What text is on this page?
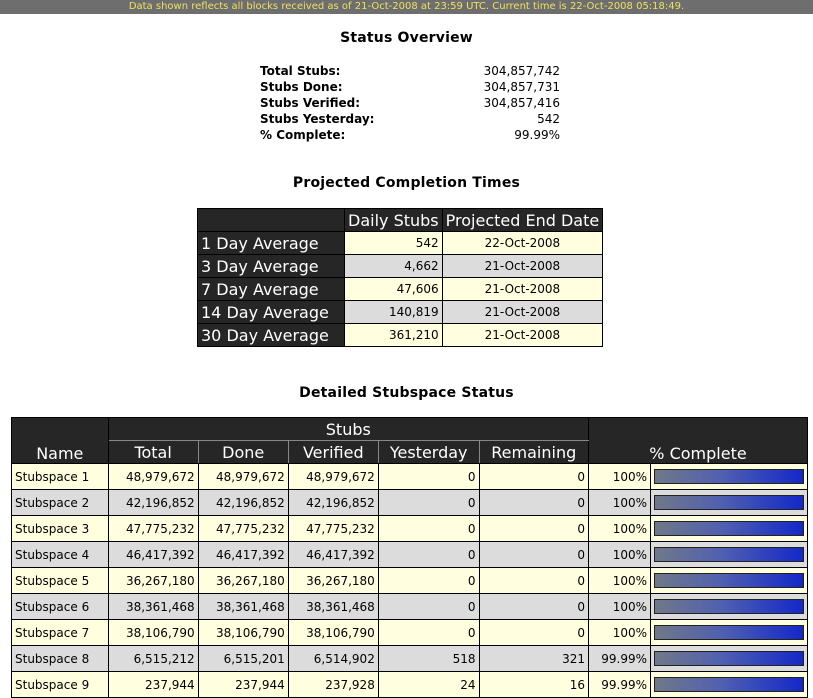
Data shown reflects all blocks received as of 21-Oct-2008 at 23:59 UTC. Current time is 22-Oct-2008 05:18:49.
Status Overview
Total Stubs:	304,857,742
Stubs Done:	304,857,731
Stubs Verified:	304,857,416
Stubs Yesterday:	542
% Complete:	99.99%
Projected Completion Times
	Daily Stubs	Projected End Date
1 Day Average	542	22-Oct-2008
3 Day Average	4,662	21-Oct-2008
7 Day Average	47,606	21-Oct-2008
14 Day Average	140,819	21-Oct-2008
30 Day Average	361,210	21-Oct-2008
Detailed Stubspace Status
Name	Stubs					% Complete	
	Total	Done	Verified	Yesterday	Remaining		
Stubspace 1	48,979,672	48,979,672	48,979,672	0	0	100%	

Stubspace 2	42,196,852	42,196,852	42,196,852	0	0	100%	

Stubspace 3	47,775,232	47,775,232	47,775,232	0	0	100%	

Stubspace 4	46,417,392	46,417,392	46,417,392	0	0	100%	

Stubspace 5	36,267,180	36,267,180	36,267,180	0	0	100%	

Stubspace 6	38,361,468	38,361,468	38,361,468	0	0	100%	

Stubspace 7	38,106,790	38,106,790	38,106,790	0	0	100%	

Stubspace 8	6,515,212	6,515,201	6,514,902	518	321	99.99%	

Stubspace 9	237,944	237,944	237,928	24	16	99.99%	
